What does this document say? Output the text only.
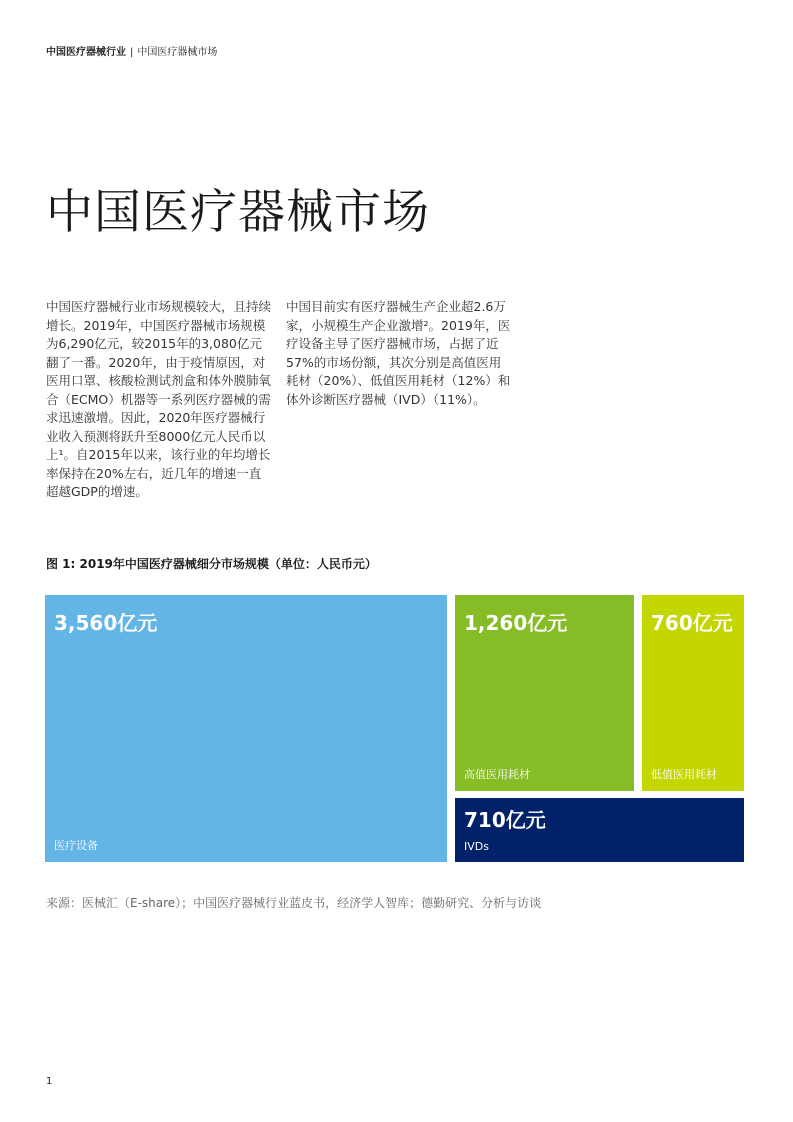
中国医疗器械行业 | 中国医疗器械市场
中国医疗器械市场

中国医疗器械行业市场规模较大，且持续增长。2019年，中国医疗器械市场规模为6,290亿元，较2015年的3,080亿元翻了一番。2020年，由于疫情原因，对医用口罩、核酸检测试剂盒和体外膜肺氧合（ECMO）机器等一系列医疗器械的需求迅速激增。因此，2020年医疗器械行业收入预测将跃升至8000亿元人民币以上¹。自2015年以来，该行业的年均增长率保持在20%左右，近几年的增速一直超越GDP的增速。

中国目前实有医疗器械生产企业超2.6万家，小规模生产企业激增²。2019年，医疗设备主导了医疗器械市场，占据了近57%的市场份额，其次分别是高值医用耗材（20%）、低值医用耗材（12%）和体外诊断医疗器械（IVD）（11%）。

图 1: 2019年中国医疗器械细分市场规模（单位：人民币元）
3,560亿元
医疗设备
1,260亿元
高值医用耗材
760亿元
低值医用耗材
710亿元
IVDs
来源：医械汇（E-share）；中国医疗器械行业蓝皮书，经济学人智库；德勤研究、分析与访谈
1
